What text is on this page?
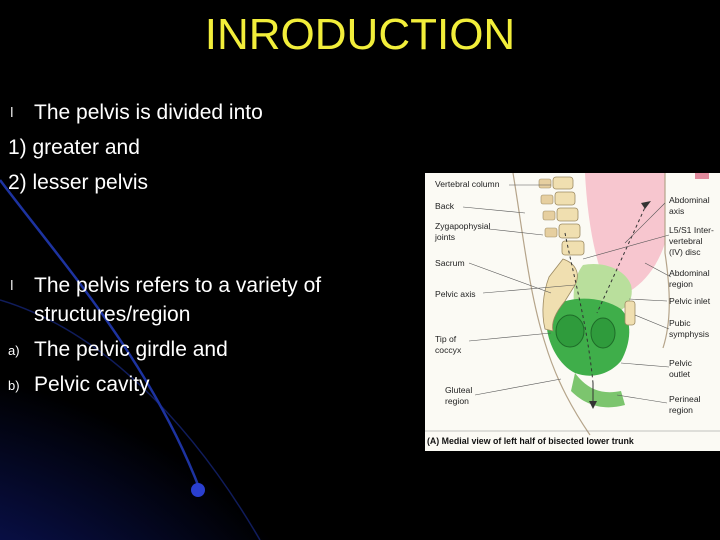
INRODUCTION
l The pelvis is divided into
1) greater and
2) lesser pelvis
l The pelvis refers to a variety of
structures/region
a) The pelvic girdle and
b) Pelvic cavity
Vertebral column
Back
Zygapophysial
joints
Sacrum
Pelvic axis
Tip of
coccyx
Gluteal
region
Abdominal
axis
L5/S1 Inter-
vertebral
(IV) disc
Abdominal
region
Pelvic inlet
Pubic
symphysis
Pelvic
outlet
Perineal
region
(A) Medial view of left half of bisected lower trunk
